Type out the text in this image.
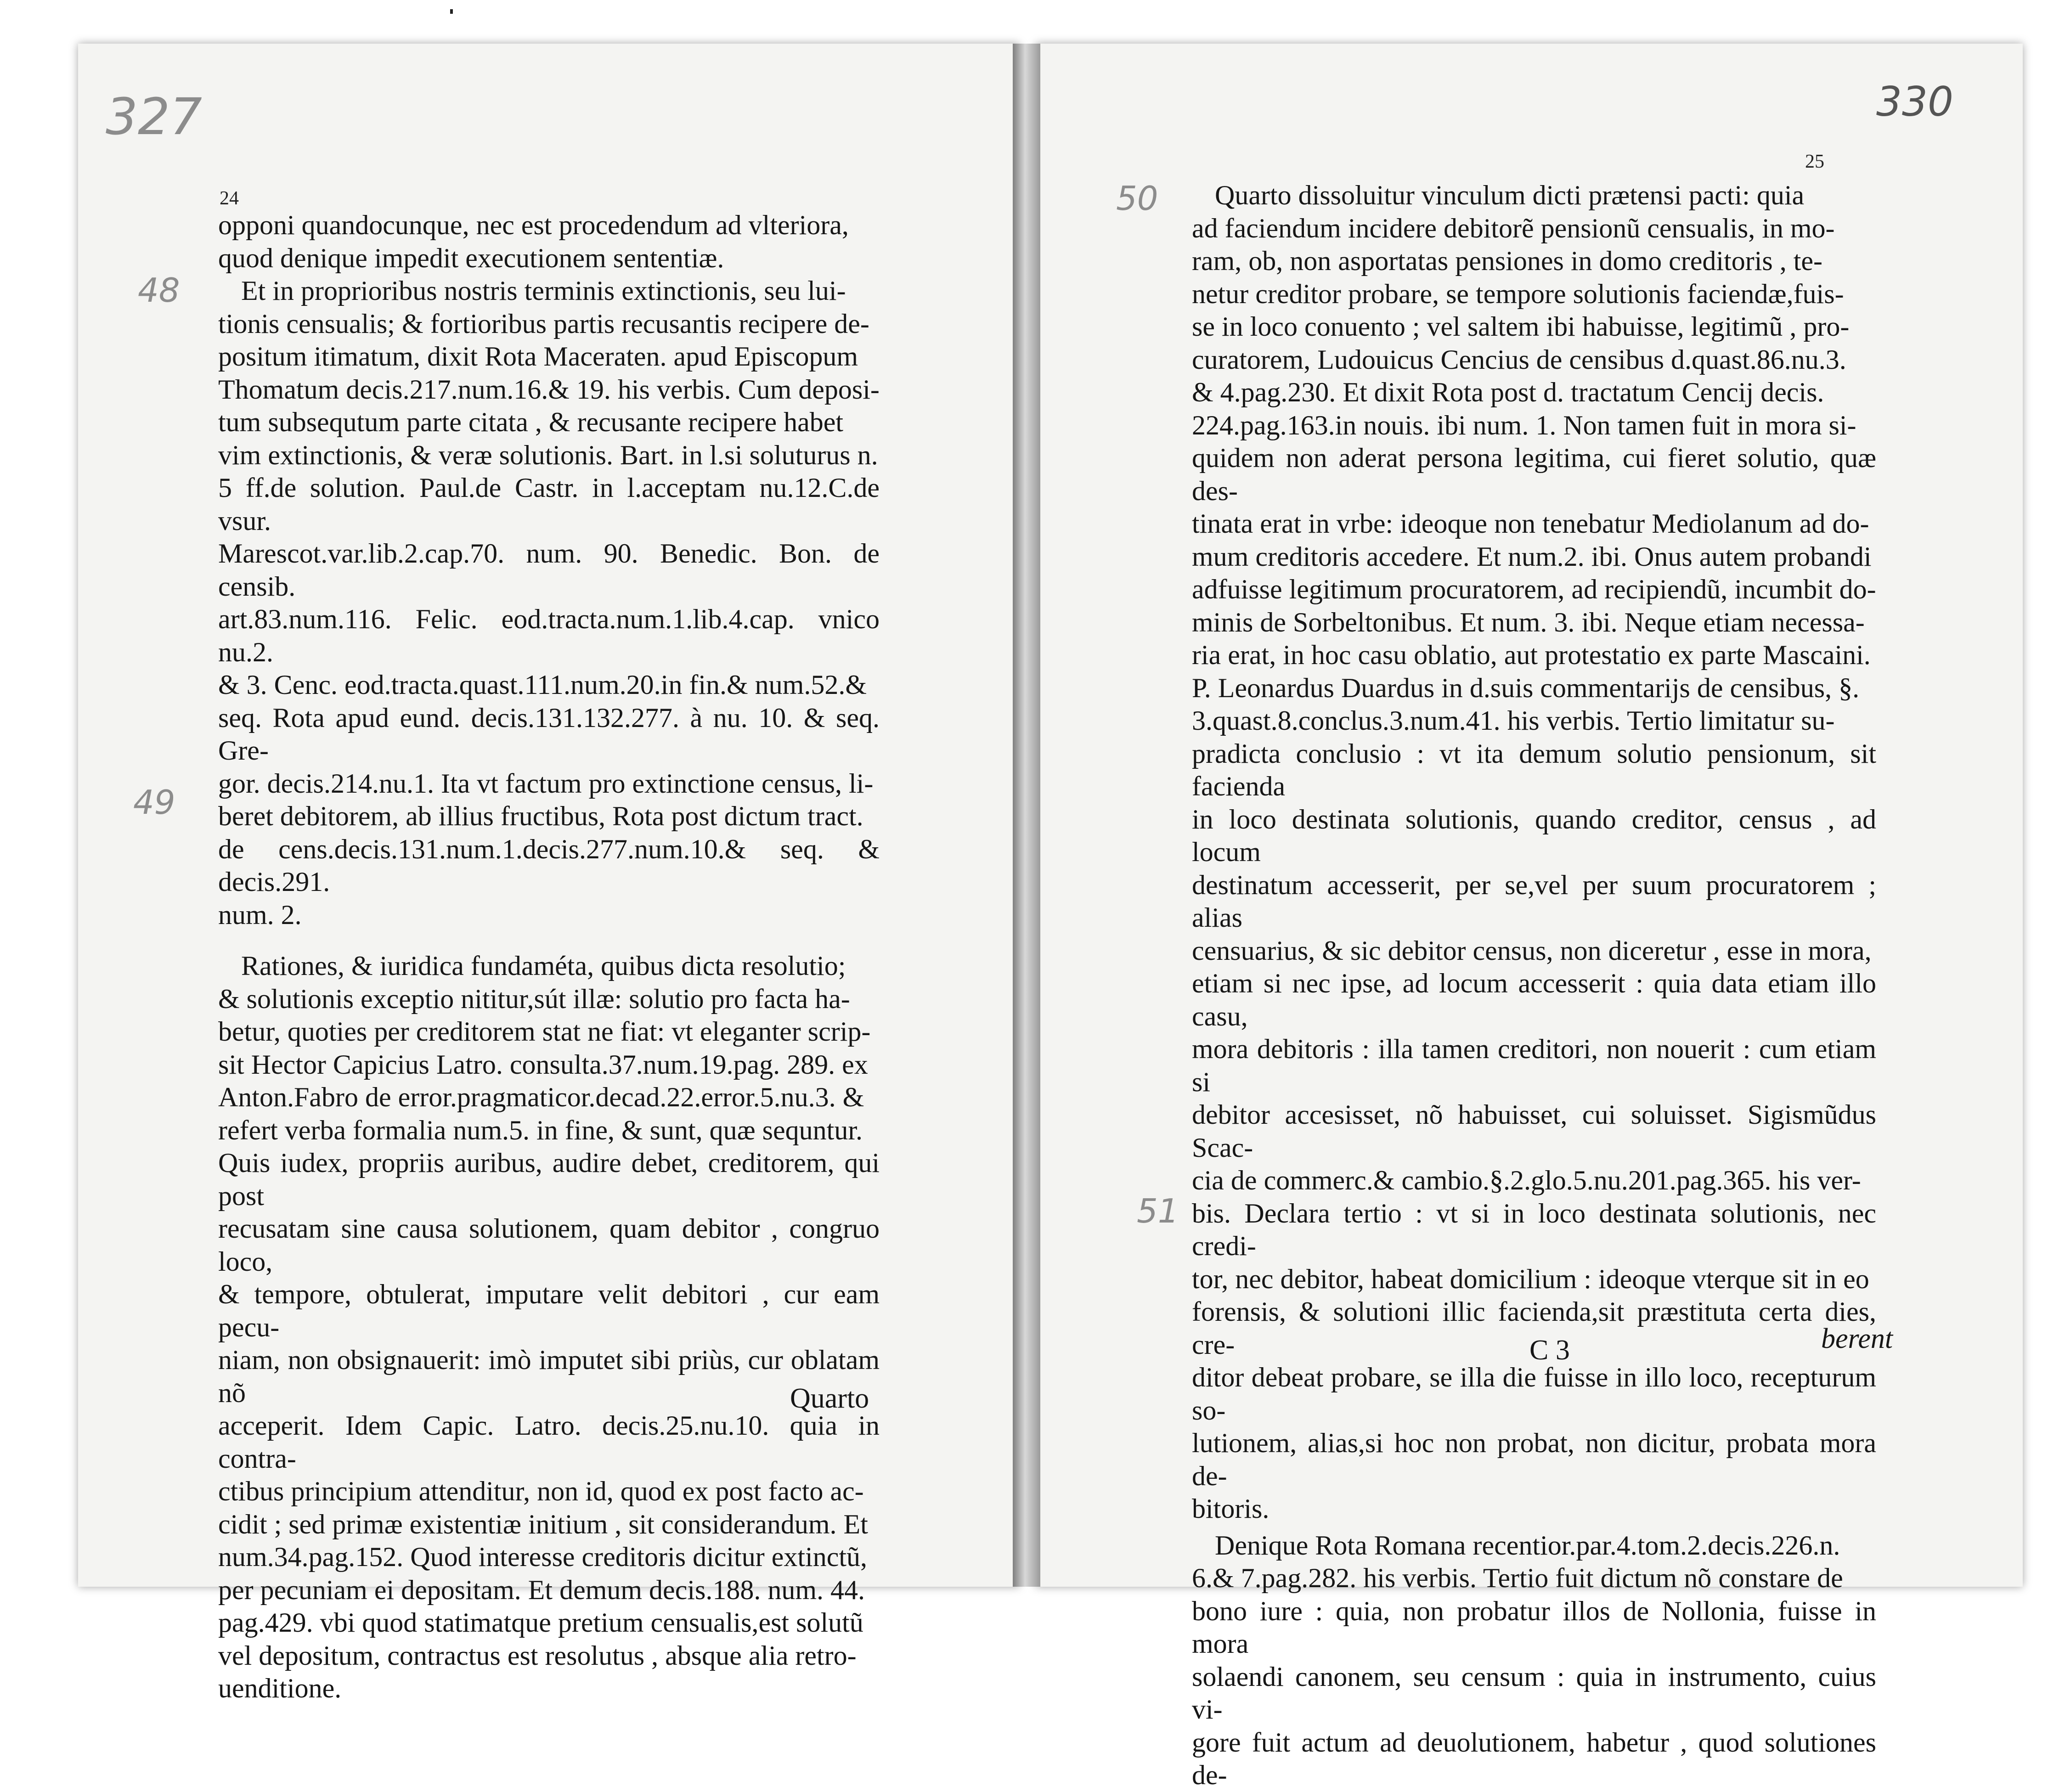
327
24
48
49

opponi quandocunque, nec est procedendum ad vlteriora,
quod denique impedit executionem sententiæ.

Et in proprioribus nostris terminis extinctionis, seu lui-
tionis censualis; & fortioribus partis recusantis recipere de-
positum itimatum, dixit Rota Maceraten. apud Episcopum
Thomatum decis.217.num.16.& 19. his verbis. Cum deposi-
tum subsequtum parte citata , & recusante recipere habet
vim extinctionis, & veræ solutionis. Bart. in l.si soluturus n.
5 ff.de solution. Paul.de Castr. in l.acceptam nu.12.C.de vsur.
Marescot.var.lib.2.cap.70. num. 90. Benedic. Bon. de censib.
art.83.num.116. Felic. eod.tracta.num.1.lib.4.cap. vnico nu.2.
& 3. Cenc. eod.tracta.quast.111.num.20.in fin.& num.52.&
seq. Rota apud eund. decis.131.132.277. à nu. 10. & seq. Gre-
gor. decis.214.nu.1. Ita vt factum pro extinctione census, li-
beret debitorem, ab illius fructibus, Rota post dictum tract.
de cens.decis.131.num.1.decis.277.num.10.& seq. & decis.291.
num. 2.

Rationes, & iuridica fundaméta, quibus dicta resolutio;
& solutionis exceptio nititur,sút illæ: solutio pro facta ha-
betur, quoties per creditorem stat ne fiat: vt eleganter scrip-
sit Hector Capicius Latro. consulta.37.num.19.pag. 289. ex
Anton.Fabro de error.pragmaticor.decad.22.error.5.nu.3. &
refert verba formalia num.5. in fine, & sunt, quæ sequntur.
Quis iudex, propriis auribus, audire debet, creditorem, qui post
recusatam sine causa solutionem, quam debitor , congruo loco,
& tempore, obtulerat, imputare velit debitori , cur eam pecu-
niam, non obsignauerit: imò imputet sibi priùs, cur oblatam nõ
acceperit. Idem Capic. Latro. decis.25.nu.10. quia in contra-
ctibus principium attenditur, non id, quod ex post facto ac-
cidit ; sed primæ existentiæ initium , sit considerandum. Et
num.34.pag.152. Quod interesse creditoris dicitur extinctũ,
per pecuniam ei depositam. Et demum decis.188. num. 44.
pag.429. vbi quod statimatque pretium censualis,est solutũ
vel depositum, contractus est resolutus , absque alia retro-
uenditione.

Quarto
330
25
50
51

Quarto dissoluitur vinculum dicti prætensi pacti: quia
ad faciendum incidere debitorẽ pensionũ censualis, in mo-
ram, ob, non asportatas pensiones in domo creditoris , te-
netur creditor probare, se tempore solutionis faciendæ,fuis-
se in loco conuento ; vel saltem ibi habuisse, legitimũ , pro-
curatorem, Ludouicus Cencius de censibus d.quast.86.nu.3.
& 4.pag.230. Et dixit Rota post d. tractatum Cencij decis.
224.pag.163.in nouis. ibi num. 1. Non tamen fuit in mora si-
quidem non aderat persona legitima, cui fieret solutio, quæ des-
tinata erat in vrbe: ideoque non tenebatur Mediolanum ad do-
mum creditoris accedere. Et num.2. ibi. Onus autem probandi
adfuisse legitimum procuratorem, ad recipiendũ, incumbit do-
minis de Sorbeltonibus. Et num. 3. ibi. Neque etiam necessa-
ria erat, in hoc casu oblatio, aut protestatio ex parte Mascaini.
P. Leonardus Duardus in d.suis commentarijs de censibus, §.
3.quast.8.conclus.3.num.41. his verbis. Tertio limitatur su-
pradicta conclusio : vt ita demum solutio pensionum, sit facienda
in loco destinata solutionis, quando creditor, census , ad locum
destinatum accesserit, per se,vel per suum procuratorem ; alias
censuarius, & sic debitor census, non diceretur , esse in mora,
etiam si nec ipse, ad locum accesserit : quia data etiam illo casu,
mora debitoris : illa tamen creditori, non nouerit : cum etiam si
debitor accesisset, nõ habuisset, cui soluisset. Sigismũdus Scac-
cia de commerc.& cambio.§.2.glo.5.nu.201.pag.365. his ver-
bis. Declara tertio : vt si in loco destinata solutionis, nec credi-
tor, nec debitor, habeat domicilium : ideoque vterque sit in eo
forensis, & solutioni illic facienda,sit præstituta certa dies, cre-
ditor debeat probare, se illa die fuisse in illo loco, recepturum so-
lutionem, alias,si hoc non probat, non dicitur, probata mora de-
bitoris.

Denique Rota Romana recentior.par.4.tom.2.decis.226.n.
6.& 7.pag.282. his verbis. Tertio fuit dictum nõ constare de
bono iure : quia, non probatur illos de Nollonia, fuisse in mora
solaendi canonem, seu censum : quia in instrumento, cuius vi-
gore fuit actum ad deuolutionem, habetur , quod solutiones de-

C 3	berent
